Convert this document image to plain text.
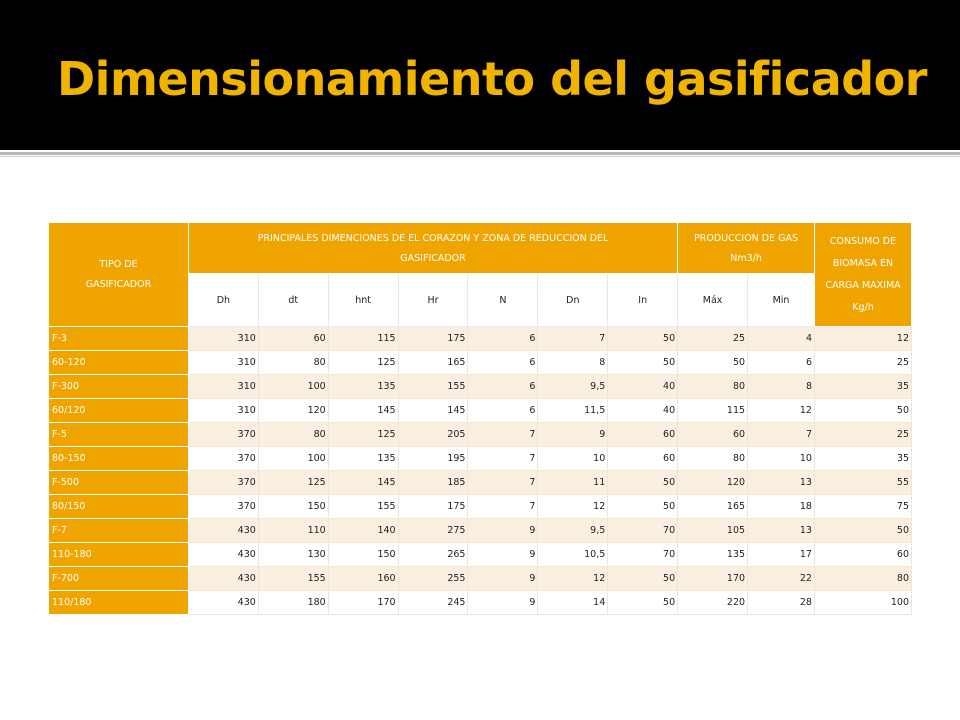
Dimensionamiento del gasificador
TIPO DE GASIFICADOR	PRINCIPALES DIMENCIONES DE EL CORAZON Y ZONA DE REDUCCION DEL GASIFICADOR							PRODUCCION DE GAS Nm3/h		CONSUMO DE BIOMASA EN CARGA MAXIMA Kg/h
	Dh	dt	hnt	Hr	N	Dn	In	Máx	Min	
F-3	310	60	115	175	6	7	50	25	4	12
60-120	310	80	125	165	6	8	50	50	6	25
F-300	310	100	135	155	6	9,5	40	80	8	35
60/120	310	120	145	145	6	11,5	40	115	12	50
F-5	370	80	125	205	7	9	60	60	7	25
80-150	370	100	135	195	7	10	60	80	10	35
F-500	370	125	145	185	7	11	50	120	13	55
80/150	370	150	155	175	7	12	50	165	18	75
F-7	430	110	140	275	9	9,5	70	105	13	50
110-180	430	130	150	265	9	10,5	70	135	17	60
F-700	430	155	160	255	9	12	50	170	22	80
110/180	430	180	170	245	9	14	50	220	28	100
